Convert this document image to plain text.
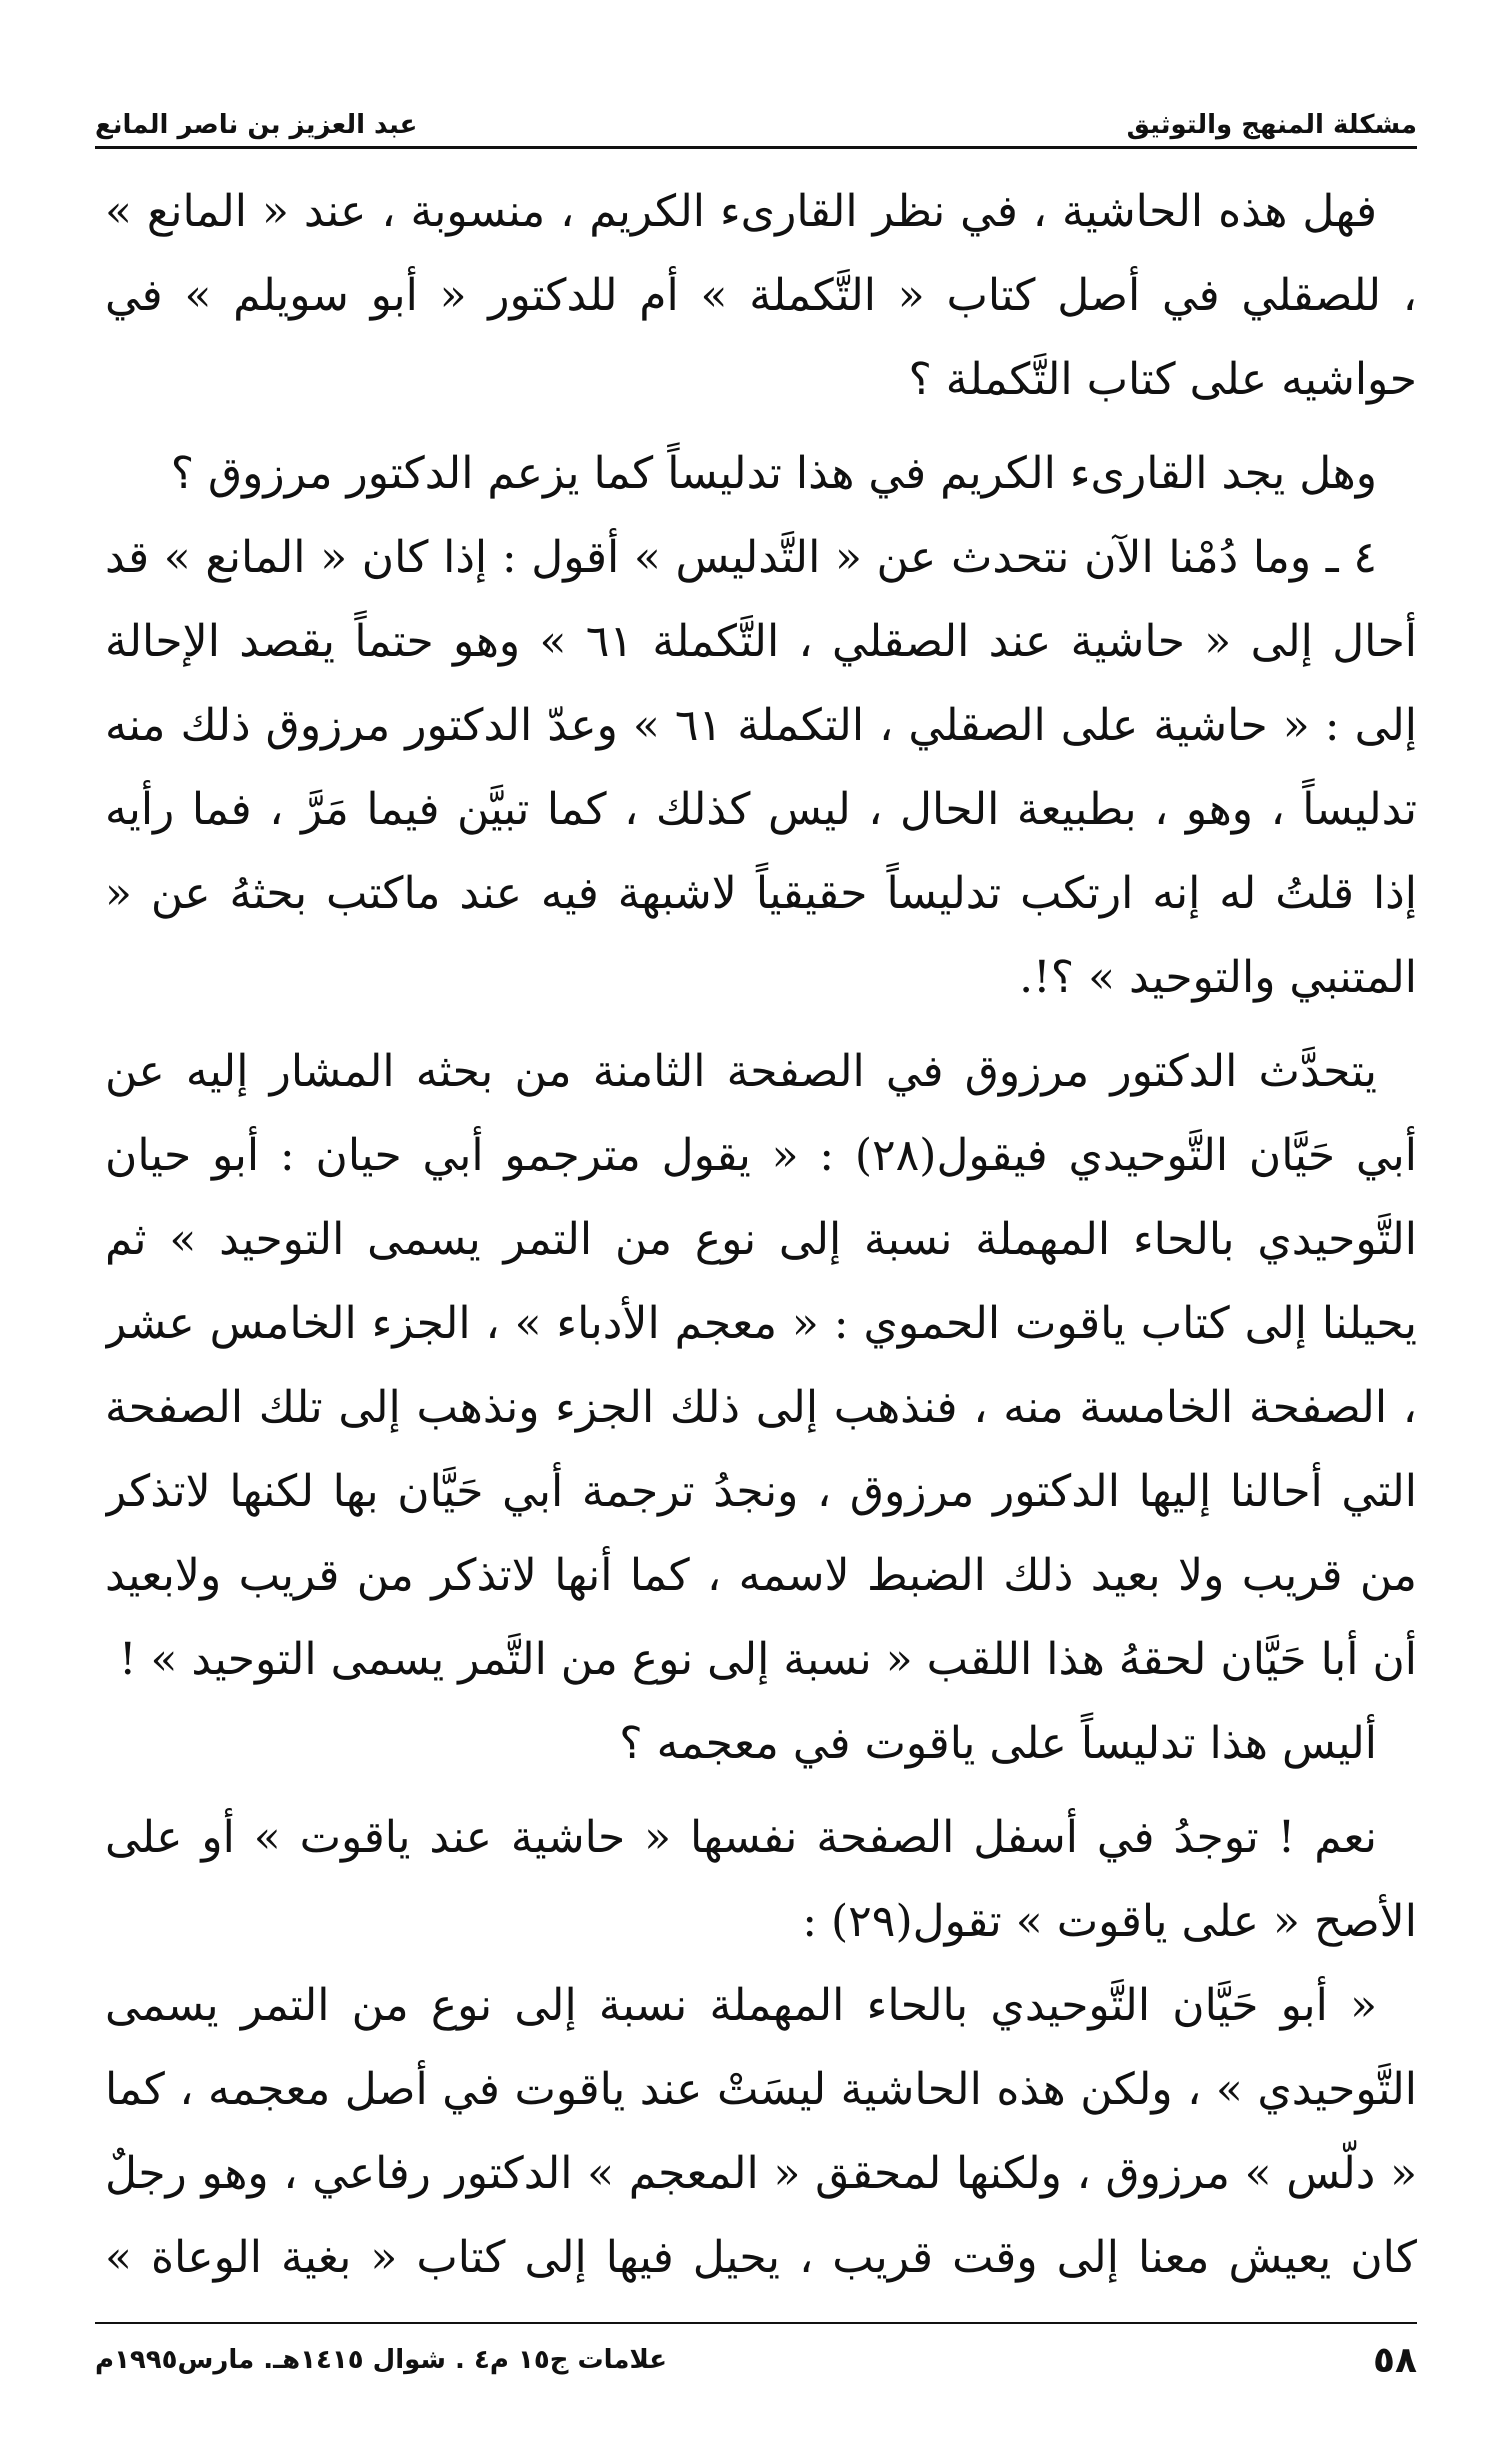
عبد العزيز بن ناصر المانع	مشكلة المنهج والتوثيق

فهل هذه الحاشية ، في نظر القارىء الكريم ، منسوبة ، عند « المانع » ، للصقلي في أصل كتاب « التَّكملة » أم للدكتور « أبو سويلم » في حواشيه على كتاب التَّكملة ؟

وهل يجد القارىء الكريم في هذا تدليساً كما يزعم الدكتور مرزوق ؟

٤ ـ وما دُمْنا الآن نتحدث عن « التَّدليس » أقول : إذا كان « المانع » قد أحال إلى « حاشية عند الصقلي ، التَّكملة ٦١ » وهو حتماً يقصد الإحالة إلى : « حاشية على الصقلي ، التكملة ٦١ » وعدّ الدكتور مرزوق ذلك منه تدليساً ، وهو ، بطبيعة الحال ، ليس كذلك ، كما تبيَّن فيما مَرَّ ، فما رأيه إذا قلتُ له إنه ارتكب تدليساً حقيقياً لاشبهة فيه عند ماكتب بحثهُ عن « المتنبي والتوحيد » ؟!.

يتحدَّث الدكتور مرزوق في الصفحة الثامنة من بحثه المشار إليه عن أبي حَيَّان التَّوحيدي فيقول(٢٨) : « يقول مترجمو أبي حيان : أبو حيان التَّوحيدي بالحاء المهملة نسبة إلى نوع من التمر يسمى التوحيد » ثم يحيلنا إلى كتاب ياقوت الحموي : « معجم الأدباء » ، الجزء الخامس عشر ، الصفحة الخامسة منه ، فنذهب إلى ذلك الجزء ونذهب إلى تلك الصفحة التي أحالنا إليها الدكتور مرزوق ، ونجدُ ترجمة أبي حَيَّان بها لكنها لاتذكر من قريب ولا بعيد ذلك الضبط لاسمه ، كما أنها لاتذكر من قريب ولابعيد أن أبا حَيَّان لحقهُ هذا اللقب « نسبة إلى نوع من التَّمر يسمى التوحيد » !

أليس هذا تدليساً على ياقوت في معجمه ؟

نعم ! توجدُ في أسفل الصفحة نفسها « حاشية عند ياقوت » أو على الأصح « على ياقوت » تقول(٢٩) :

« أبو حَيَّان التَّوحيدي بالحاء المهملة نسبة إلى نوع من التمر يسمى التَّوحيدي » ، ولكن هذه الحاشية ليسَتْ عند ياقوت في أصل معجمه ، كما « دلّس » مرزوق ، ولكنها لمحقق « المعجم » الدكتور رفاعي ، وهو رجلٌ كان يعيش معنا إلى وقت قريب ، يحيل فيها إلى كتاب « بغية الوعاة »

علامات ج١٥ م٤ . شوال ١٤١٥هـ. مارس١٩٩٥م	٥٨
